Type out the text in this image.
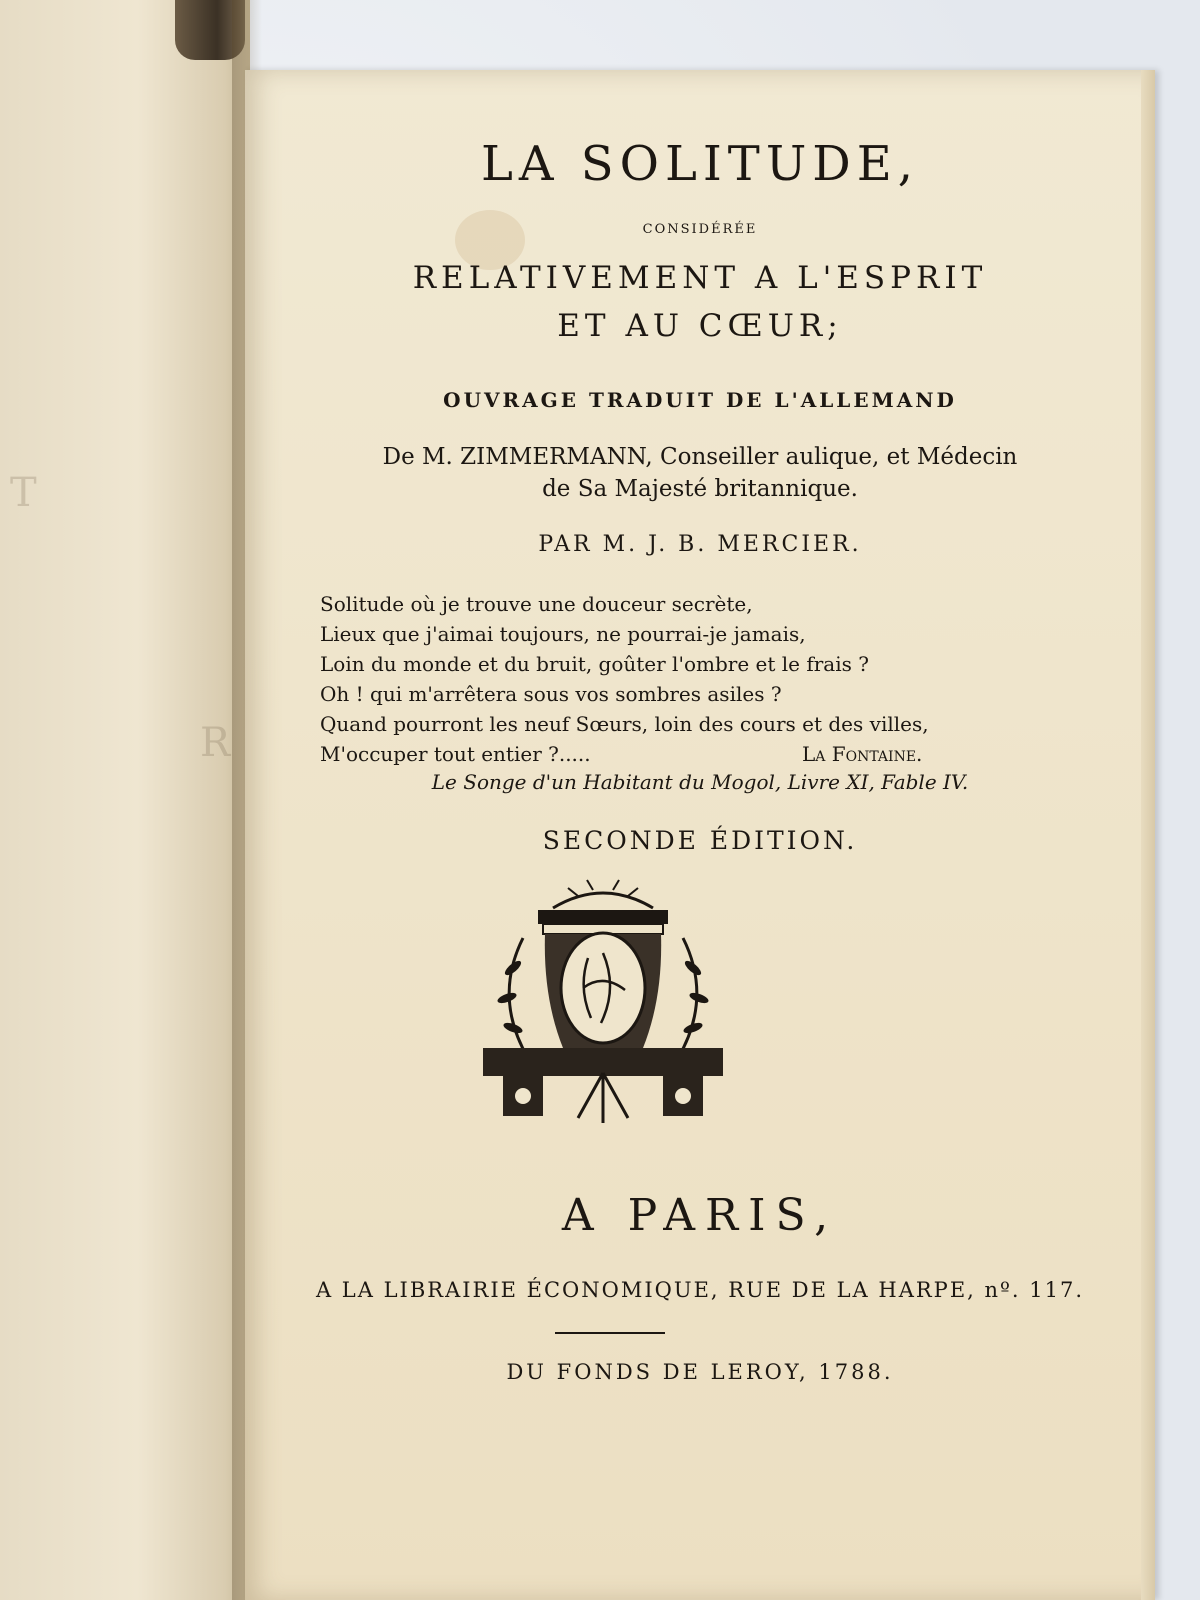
T
R
LA SOLITUDE,
considérée
RELATIVEMENT A L'ESPRIT
ET AU CŒUR;
OUVRAGE TRADUIT DE L'ALLEMAND
De M. ZIMMERMANN, Conseiller aulique, et Médecin
de Sa Majesté britannique.
PAR M. J. B. MERCIER.
Solitude où je trouve une douceur secrète,
Lieux que j'aimai toujours, ne pourrai-je jamais,
Loin du monde et du bruit, goûter l'ombre et le frais ?
Oh ! qui m'arrêtera sous vos sombres asiles ?
Quand pourront les neuf Sœurs, loin des cours et des villes,
M'occuper tout entier ?.....	La Fontaine.
Le Songe d'un Habitant du Mogol, Livre XI, Fable IV.
SECONDE ÉDITION.
A PARIS,
A LA LIBRAIRIE ÉCONOMIQUE, RUE DE LA HARPE, nº. 117.
DU FONDS DE LEROY, 1788.
